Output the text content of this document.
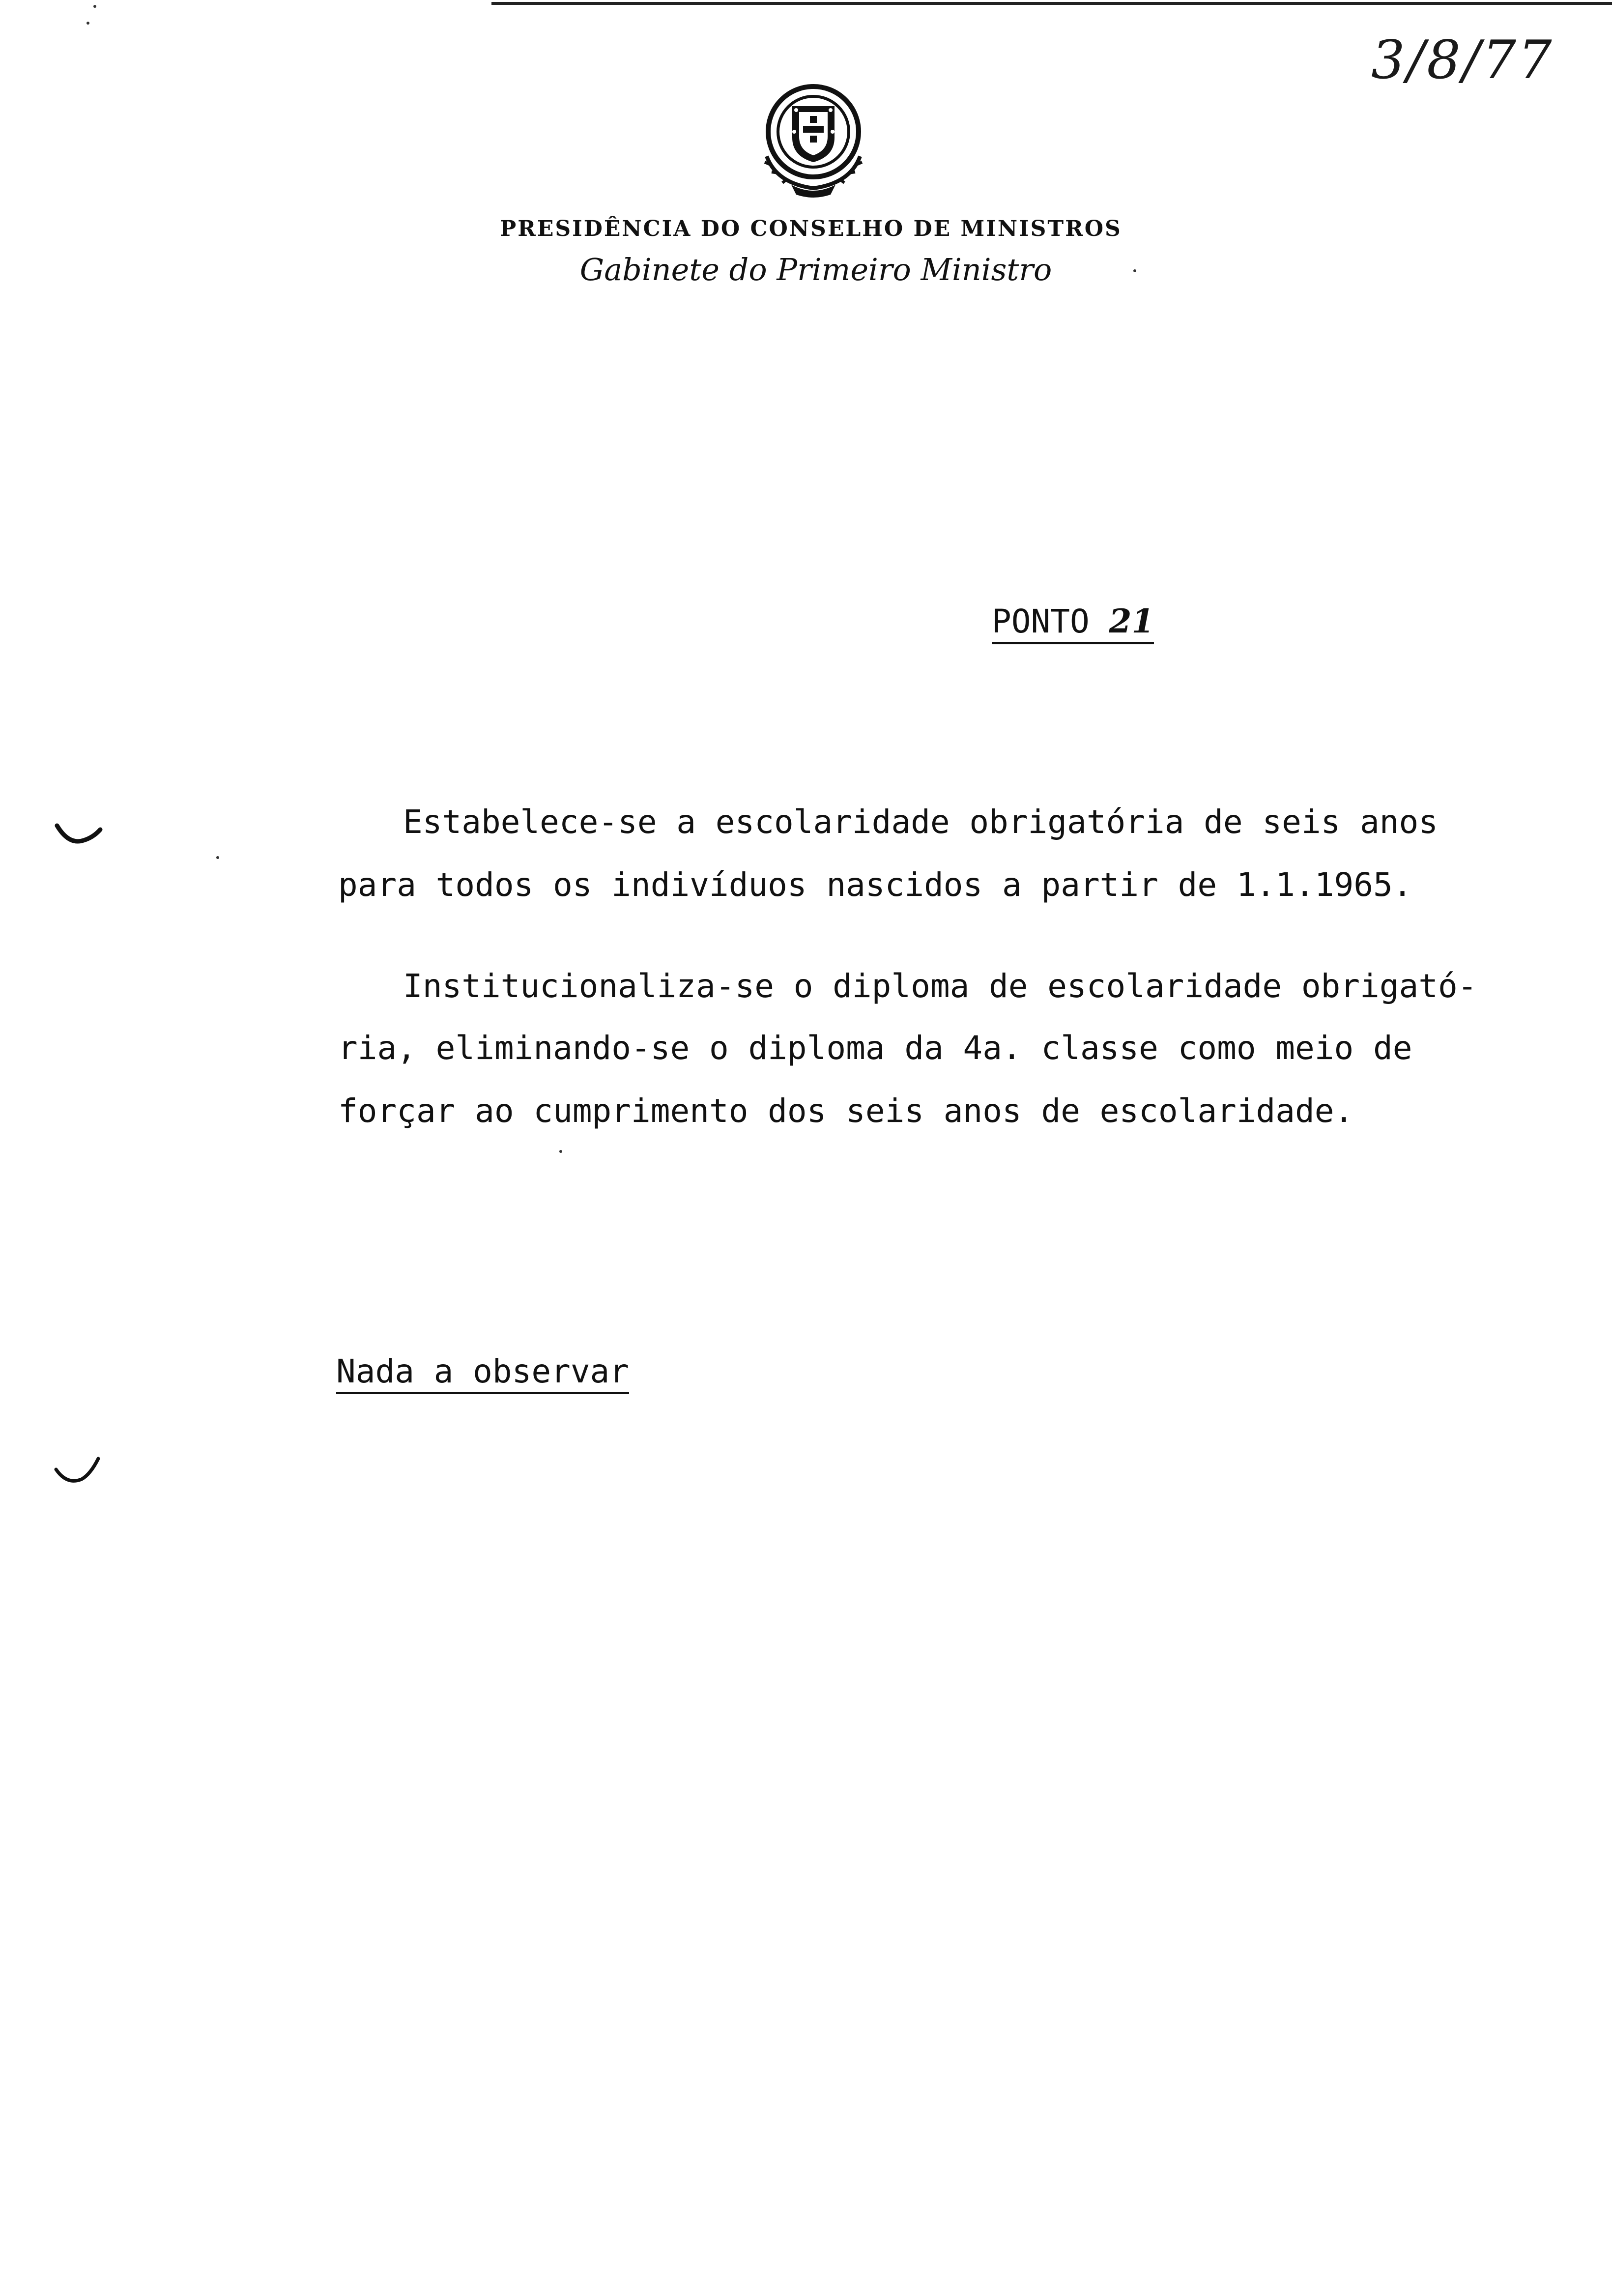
3/8/77
PRESIDÊNCIA DO CONSELHO DE MINISTROS
Gabinete do Primeiro Ministro
PONTO 21
Estabelece-se a escolaridade obrigatória de seis anos
para todos os indivíduos nascidos a partir de 1.1.1965.
Institucionaliza-se o diploma de escolaridade obrigató-
ria, eliminando-se o diploma da 4a. classe como meio de
forçar ao cumprimento dos seis anos de escolaridade.
Nada a observar
